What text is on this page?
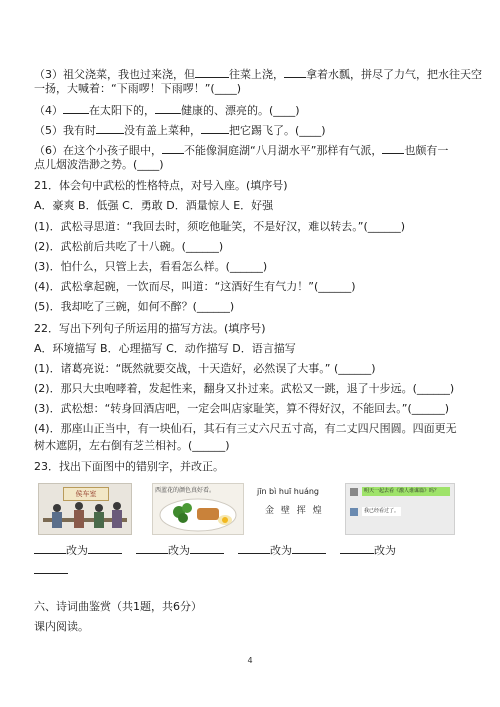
（3）祖父浇菜，我也过来浇，但	往菜上浇， 拿着水瓢，拼尽了力气，把水往天空
一扬，大喊着：“下雨啰！下雨啰！”(____)
（4） 在太阳下的， 健康的、漂亮的。(____)
（5）我有时	没有盖上菜种，	把它踢飞了。(____)
（6）在这个小孩子眼中， 不能像洞庭湖“八月湖水平”那样有气派， 也颇有一
点儿烟波浩渺之势。(____)
21．体会句中武松的性格特点，对号入座。(填序号)
A．豪爽 B．低强 C．勇敢 D．酒量惊人 E．好强
(1)．武松寻思道：“我回去时，须吃他耻笑，不是好汉，难以转去。”(______)
(2)．武松前后共吃了十八碗。(______)
(3)．怕什么，只管上去，看看怎么样。(______)
(4)．武松拿起碗，一饮而尽，叫道：“这酒好生有气力！”(______)
(5)．我却吃了三碗，如何不醉？(______)
22．写出下列句子所运用的描写方法。(填序号)
A．环境描写 B．心理描写 C．动作描写 D．语言描写
(1)．诸葛亮说：“既然就要交战，十天造好，必然误了大事。” (______)
(2)．那只大虫咆哮着，发起性来，翻身又扑过来。武松又一跳，退了十步远。(______)
(3)．武松想：“转身回酒店吧，一定会叫店家耻笑，算不得好汉，不能回去。”(______)
(4)．那座山正当中，有一块仙石，其石有三丈六尺五寸高，有二丈四尺围圆。四面更无
树木遮阴，左右倒有芝兰相衬。(______)
23．找出下面图中的错别字，并改正。
侯车室	西蓝花的颜色真好看。	jīn bì huī huáng
金 壁 挥 煌
明天一起去看《激人谁谋篇》吗？
我已经看过了。
改为	改为	改为	改为
六、诗词曲鉴赏（共1题，共6分）
课内阅读。
4
